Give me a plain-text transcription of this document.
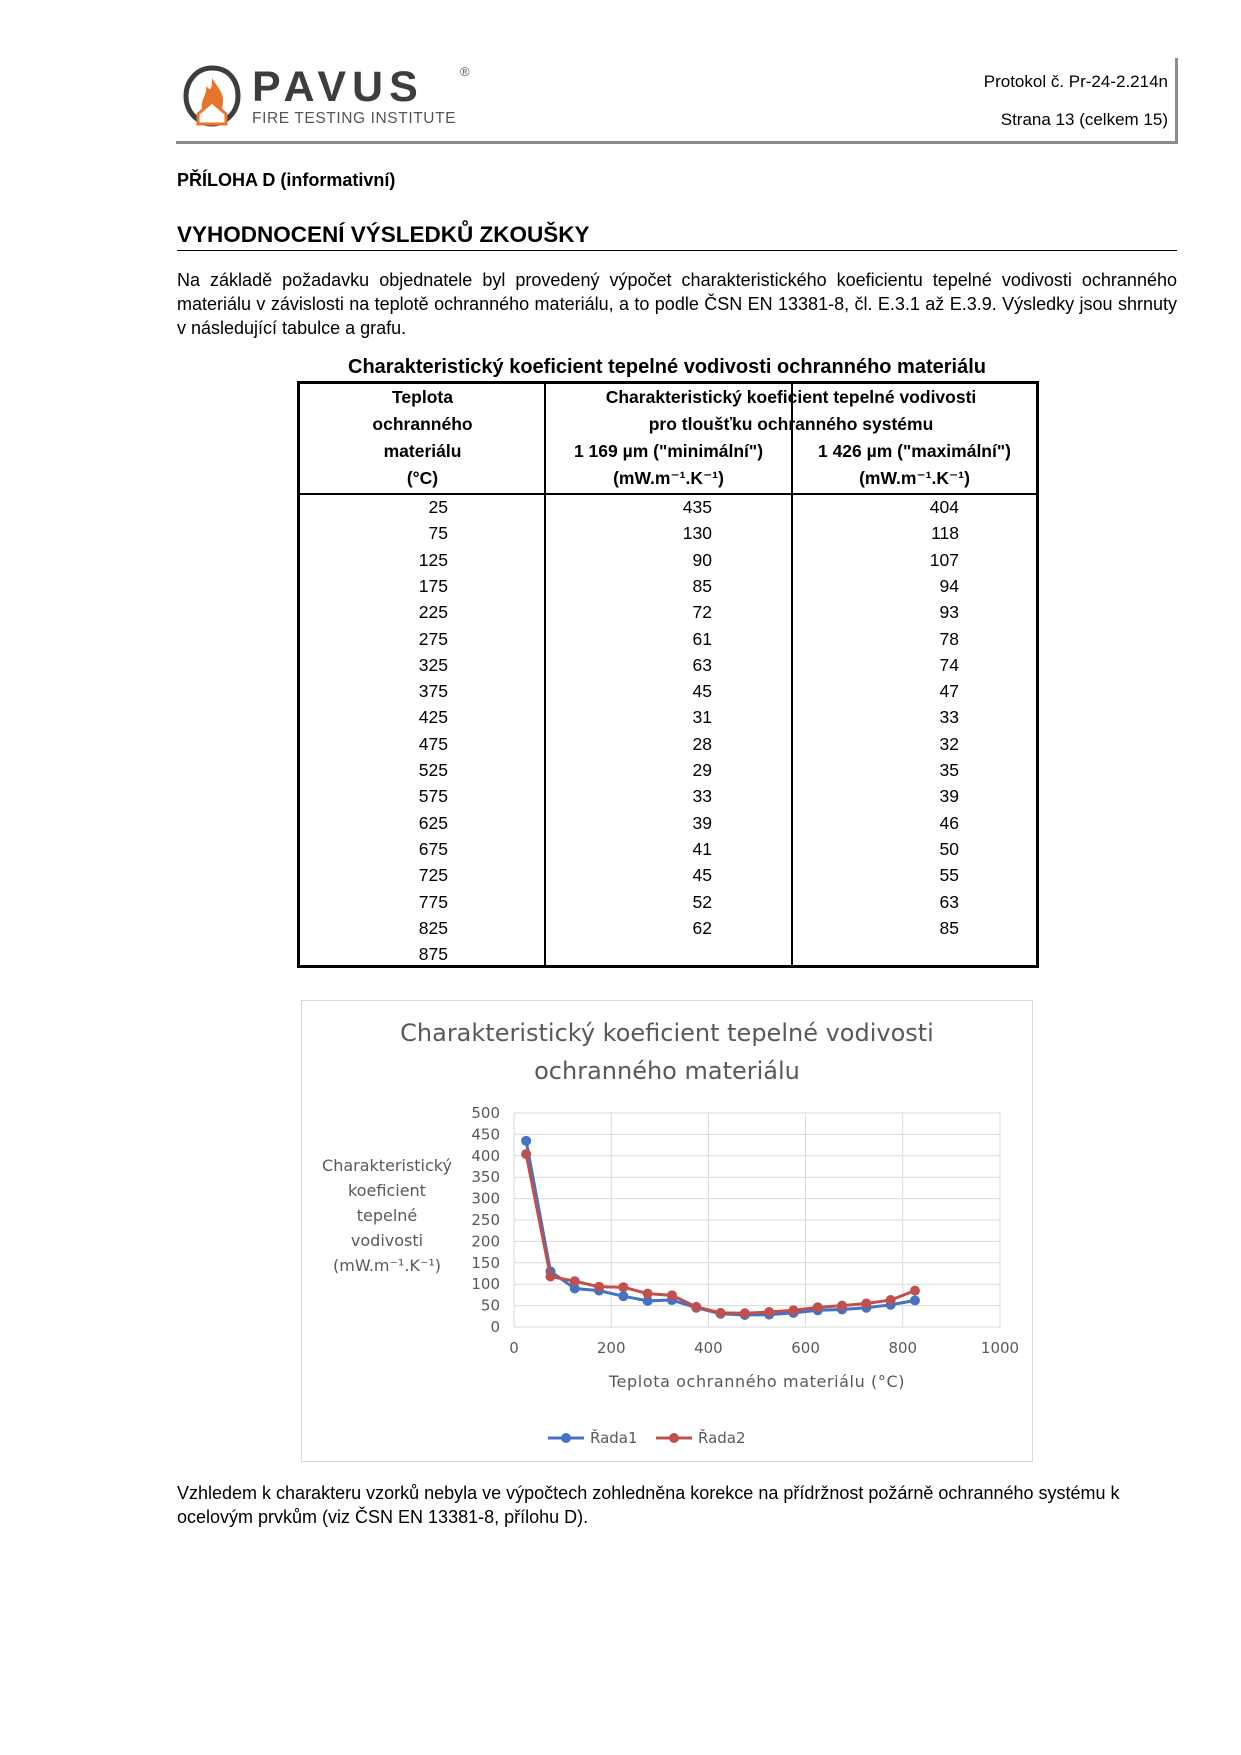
PAVUS	®
FIRE TESTING INSTITUTE
Protokol č. Pr-24-2.214n
Strana 13 (celkem 15)
PŘÍLOHA D (informativní)
VYHODNOCENÍ VÝSLEDKŮ ZKOUŠKY
Na základě požadavku objednatele byl provedený výpočet charakteristického koeficientu tepelné vodivosti ochranného materiálu v závislosti na teplotě ochranného materiálu, a to podle ČSN EN 13381-8, čl. E.3.1 až E.3.9. Výsledky jsou shrnuty v následující tabulce a grafu.
Charakteristický koeficient tepelné vodivosti ochranného materiálu
Teplota
ochranného
materiálu
(°C)
Charakteristický koeficient tepelné vodivosti
pro tloušťku ochranného systému
1 169 µm ("minimální")
(mW.m⁻¹.K⁻¹)
1 426 µm ("maximální")
(mW.m⁻¹.K⁻¹)
25	435	404
75	130	118
125	90	107
175	85	94
225	72	93
275	61	78
325	63	74
375	45	47
425	31	33
475	28	32
525	29	35
575	33	39
625	39	46
675	41	50
725	45	55
775	52	63
825	62	85
875
Charakteristický koeficient tepelné vodivosti
ochranného materiálu
0
50
100
150
200
250
300
350
400
450
500
0	200	400	600	800	1000
Teplota ochranného materiálu (°C)
Charakteristický
koeficient
tepelné
vodivosti
(mW.m⁻¹.K⁻¹)
Řada1	Řada2
Vzhledem k charakteru vzorků nebyla ve výpočtech zohledněna korekce na přídržnost požárně ochranného systému k ocelovým prvkům (viz ČSN EN 13381-8, přílohu D).
